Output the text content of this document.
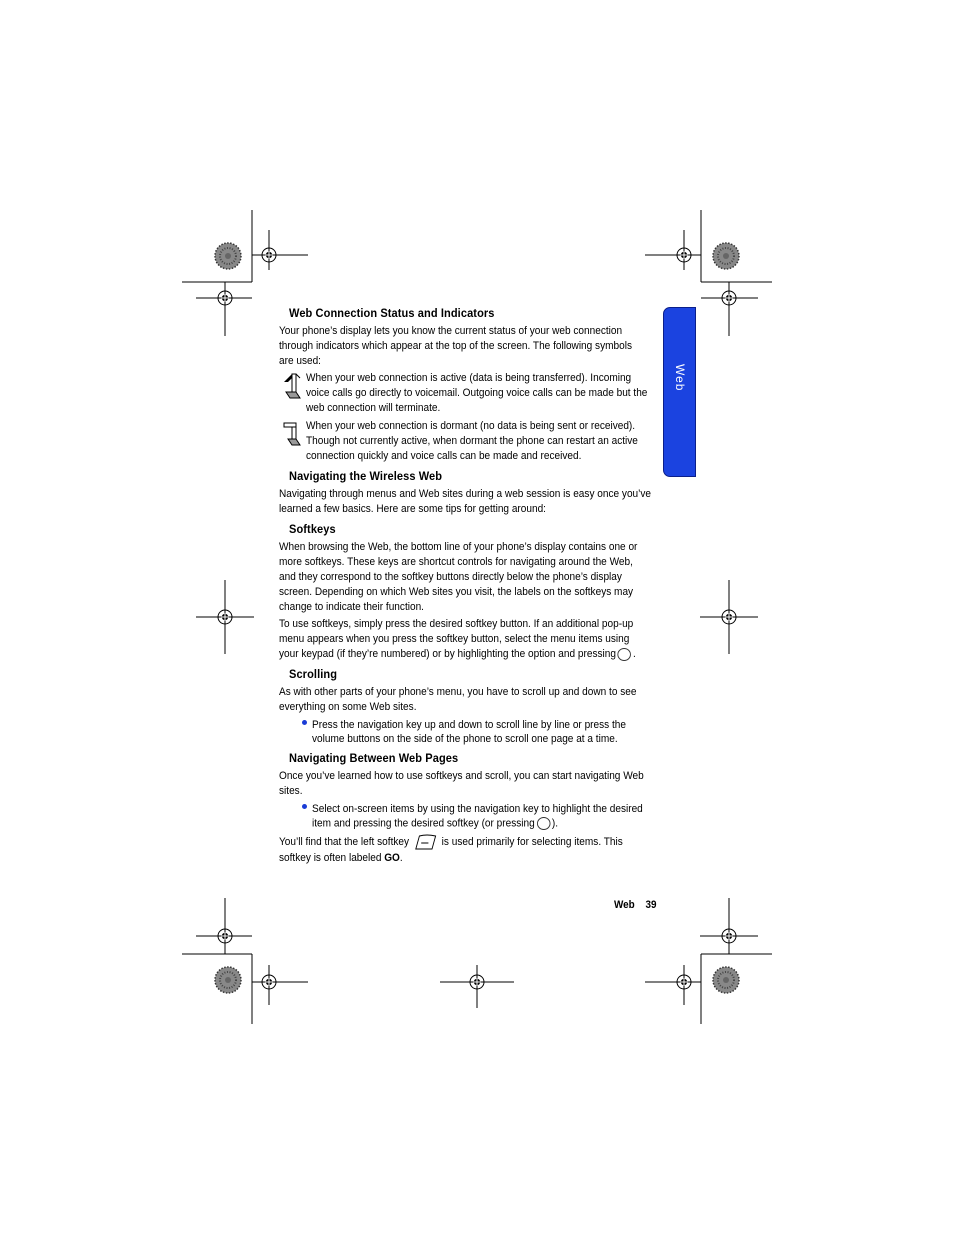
Web
Web Connection Status and Indicators
Your phone’s display lets you know the current status of your web connection
through indicators which appear at the top of the screen. The following symbols
are used:
When your web connection is active (data is being transferred). Incoming
voice calls go directly to voicemail. Outgoing voice calls can be made but the
web connection will terminate.
When your web connection is dormant (no data is being sent or received).
Though not currently active, when dormant the phone can restart an active
connection quickly and voice calls can be made and received.
Navigating the Wireless Web
Navigating through menus and Web sites during a web session is easy once you’ve
learned a few basics. Here are some tips for getting around:
Softkeys
When browsing the Web, the bottom line of your phone’s display contains one or
more softkeys. These keys are shortcut controls for navigating around the Web,
and they correspond to the softkey buttons directly below the phone’s display
screen. Depending on which Web sites you visit, the labels on the softkeys may
change to indicate their function.
To use softkeys, simply press the desired softkey button. If an additional pop-up
menu appears when you press the softkey button, select the menu items using
your keypad (if they’re numbered) or by highlighting the option and pressing .
Scrolling
As with other parts of your phone’s menu, you have to scroll up and down to see
everything on some Web sites.
Press the navigation key up and down to scroll line by line or press the
volume buttons on the side of the phone to scroll one page at a time.
Navigating Between Web Pages
Once you’ve learned how to use softkeys and scroll, you can start navigating Web
sites.
Select on-screen items by using the navigation key to highlight the desired
item and pressing the desired softkey (or pressing ).
You’ll find that the left softkey	is used primarily for selecting items. This
softkey is often labeled GO.
Web 39
